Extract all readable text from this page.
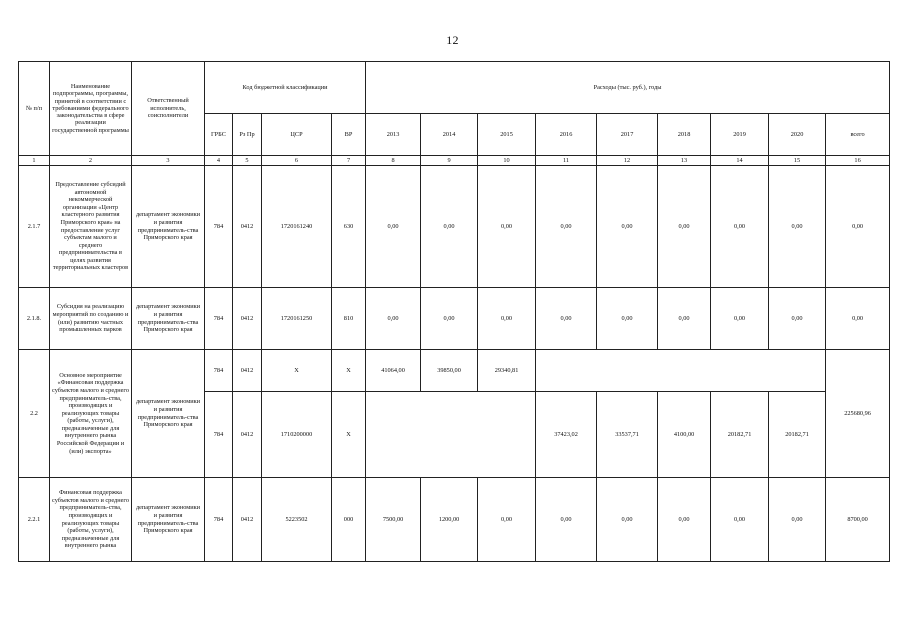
12
№ п/п	Наименование подпрограммы, программы, принятой в соответствии с требованиями федерального законодательства в сфере реализации государственной программы	Ответственный исполнитель, соисполнители	Код бюджетной классификации				Расходы (тыс. руб.), годы								
			ГРБС	Рз Пр	ЦСР	ВР	2013	2014	2015	2016	2017	2018	2019	2020	всего
1	2	3	4	5	6	7	8	9	10	11	12	13	14	15	16
2.1.7	Предоставление субсидий автономной некоммерческой организации «Центр кластерного развития Приморского края» на предоставление услуг субъектам малого и среднего предпринимательства в целях развития территориальных кластеров	департамент экономики и развития предприниматель-ства Приморского края	784	0412	1720161240	630	0,00	0,00	0,00	0,00	0,00	0,00	0,00	0,00	0,00
2.1.8.	Субсидия на реализацию мероприятий по созданию и (или) развитию частных промышленных парков	департамент экономики и развития предприниматель-ства Приморского края	784	0412	1720161250	810	0,00	0,00	0,00	0,00	0,00	0,00	0,00	0,00	0,00
2.2	Основное мероприятие «Финансовая поддержка субъектов малого и среднего предприниматель-ства, производящих и реализующих товары (работы, услуги), предназначенные для внутреннего рынка Российской Федерации и (или) экспорта»	департамент экономики и развития предприниматель-ства Приморского края	784	0412	X	X	41064,00	39850,00	29340,81						225680,96
			784	0412	1710200000	X				37423,02	33537,71	4100,00	20182,71	20182,71	
2.2.1	Финансовая поддержка субъектов малого и среднего предприниматель-ства, производящих и реализующих товары (работы, услуги), предназначенные для внутреннего рынка	департамент экономики и развития предприниматель-ства Приморского края	784	0412	5223502	000	7500,00	1200,00	0,00	0,00	0,00	0,00	0,00	0,00	8700,00
